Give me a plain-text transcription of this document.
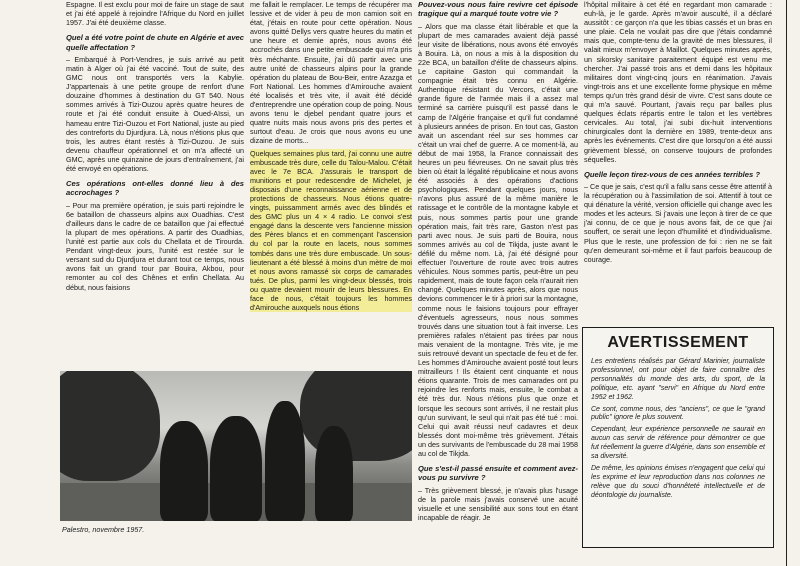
Espagne. Il est exclu pour moi de faire un stage de saut et j'ai été appelé à rejoindre l'Afrique du Nord en juillet 1957. J'ai été deuxième classe.

Quel a été votre point de chute en Algérie et avec quelle affectation ?

– Embarqué à Port-Vendres, je suis arrivé au petit matin à Alger où j'ai été vacciné. Tout de suite, des GMC nous ont transportés vers la Kabylie. J'appartenais à une petite groupe de renfort d'une douzaine d'hommes à destination du GT 540. Nous sommes arrivés à Tizi-Ouzou après quatre heures de route et j'ai été conduit ensuite à Oued-Aïssi, un hameau entre Tizi-Ouzou et Fort National, juste au pied des contreforts du Djurdjura. Là, nous n'étions plus que trois, les autres étant restés à Tizi-Ouzou. Je suis devenu chauffeur opérationnel et on m'a affecté un GMC, après une quinzaine de jours d'entraînement, j'ai été envoyé en opérations.

Ces opérations ont-elles donné lieu à des accrochages ?

– Pour ma première opération, je suis parti rejoindre le 6e bataillon de chasseurs alpins aux Ouadhias. C'est d'ailleurs dans le cadre de ce bataillon que j'ai effectué la plupart de mes opérations. A partir des Ouadhias, l'unité est partie aux cols du Chellata et de Tirourda. Pendant vingt-deux jours, l'unité est restée sur le versant sud du Djurdjura et durant tout ce temps, nous avons fait un grand tour par Bouira, Akbou, pour remonter au col des Chênes et enfin Chellata. Au début, nous faisions

me fallait le remplacer. Le temps de récupérer ma lessive et de vider à peu de mon camion soit en état, j'étais en route pour cette opération. Nous avons quitté Dellys vers quatre heures du matin et une heure et demie après, nous avons été accrochés dans une petite embuscade qui m'a pris très méchante. Ensuite, j'ai dû partir avec une autre unité de chasseurs alpins pour la grande opération du plateau de Bou-Beir, entre Azazga et Fort National. Les hommes d'Amirouche avaient été localisés et très vite, il avait été décidé d'entreprendre une opération coup de poing. Nous avons tenu le djebel pendant quatre jours et quatre nuits mais nous avons pris des pertes et surtout d'eau. Je crois que nous avons eu une dizaine de morts...

Quelques semaines plus tard, j'ai connu une autre embuscade très dure, celle du Talou-Malou. C'était avec le 7e BCA. J'assurais le transport de munitions et pour redescendre de Michelet, je disposais d'une reconnaissance aérienne et de protections de chasseurs. Nous étions quatre-vingts, puissamment armés avec des blindés et des GMC plus un 4 × 4 radio. Le convoi s'est engagé dans la descente vers l'ancienne mission des Pères blancs et en commençant l'ascension du col par la route en lacets, nous sommes tombés dans une très dure embuscade. Un sous-lieutenant a été blessé à moins d'un mètre de moi et nous avons ramassé six corps de camarades tués. De plus, parmi les vingt-deux blessés, trois ou quatre devaient mourir de leurs blessures. En face de nous, c'était toujours les hommes d'Amirouche auxquels nous étions

Palestro, novembre 1957.

Pouvez-vous nous faire revivre cet épisode tragique qui a marqué toute votre vie ?

– Alors que ma classe était libérable et que la plupart de mes camarades avaient déjà passé leur visite de libérations, nous avons été envoyés à Bouira. Là, on nous a mis à la disposition du 22e BCA, un bataillon d'élite de chasseurs alpins. Le capitaine Gaston qui commandait la compagnie était très connu en Algérie. Authentique résistant du Vercors, c'était une grande figure de l'armée mais il a assez mal terminé sa carrière puisqu'il est passé dans le camp de l'Algérie française et qu'il fut condamné à plusieurs années de prison. En tout cas, Gaston avait un ascendant réel sur ses hommes car c'était un vrai chef de guerre. A ce moment-là, au début de mai 1958, la France connaissait des heures un peu fiévreuses. On ne savait plus très bien où était la légalité républicaine et nous avons été associés à des opérations d'actions psychologiques. Pendant quelques jours, nous n'avons plus assuré de la même manière le ratissage et le contrôle de la montagne kabyle et puis, nous sommes partis pour une grande opération mais, fait très rare, Gaston n'est pas parti avec nous. Je suis parti de Bouira, nous sommes arrivés au col de Tikjda, juste avant le défilé du même nom. Là, j'ai été désigné pour effectuer l'ouverture de route avec trois autres véhicules. Nous sommes partis, peut-être un peu rapidement, mais de toute façon cela n'aurait rien changé. Quelques minutes après, alors que nous devions commencer le tir à priori sur la montagne, comme nous le faisions toujours pour effrayer d'éventuels agresseurs, nous nous sommes trouvés dans une situation tout à fait inverse. Les premières rafales n'étaient pas tirées par nous mais venaient de la montagne. Très vite, je me suis retrouvé devant un spectacle de feu et de fer. Les hommes d'Amirouche avaient posté tout leurs mitrailleurs ! Ils étaient cent cinquante et nous étions quarante. Trois de mes camarades ont pu rejoindre les renforts mais, ensuite, le combat a été très dur. Nous n'étions plus que onze et lorsque les secours sont arrivés, il ne restait plus qu'un survivant, le seul qui n'ait pas été tué : moi. Celui qui avait réussi neuf cadavres et deux blessés dont moi-même très grièvement. J'étais un des survivants de l'embuscade du 28 mai 1958 au col de Tikjda.

Que s'est-il passé ensuite et comment avez-vous pu survivre ?

– Très grièvement blessé, je n'avais plus l'usage de la parole mais j'avais conservé une acuité visuelle et une sensibilité aux sons tout en étant incapable de réagir. Je

l'hôpital militaire à cet été en regardant mon camarade : euh-là, je le garde. Après m'avoir ausculté, il a déclaré aussitôt : ce garçon n'a que les tibias cassés et un bras en une plaie. Cela ne voulait pas dire que j'étais condamné mais que, compte-tenu de la gravité de mes blessures, il valait mieux m'envoyer à Maillot. Quelques minutes après, un sikorsky sanitaire paraitement équipé est venu me chercher. J'ai passé trois ans et demi dans les hôpitaux militaires dont vingt-cinq jours en réanimation. J'avais vingt-trois ans et une excellente forme physique en même temps qu'un très grand désir de vivre. C'est sans doute ce qui m'a sauvé. Pourtant, j'avais reçu par balles plus quelques éclats répartis entre le talon et les vertèbres cervicales. Au total, j'ai subi dix-huit interventions chirurgicales dont la dernière en 1989, trente-deux ans après les événements. C'est dire que lorsqu'on a été aussi grièvement blessé, on conserve toujours de profondes séquelles.

Quelle leçon tirez-vous de ces années terribles ?

– Ce que je sais, c'est qu'il a fallu sans cesse être attentif à la récupération ou à l'assimilation de soi. Attentif à tout ce qui dénature la vérité, version officielle qui change avec les modes et les acteurs. Si j'avais une leçon à tirer de ce que j'ai connu, de ce que je nous avons fait, de ce que j'ai souffert, ce serait une leçon d'humilité et d'individualisme. Plus que le reste, une profession de foi : rien ne se fait qu'en demeurant soi-même et il faut parfois beaucoup de courage.

AVERTISSEMENT

Les entretiens réalisés par Gérard Marinier, journaliste professionnel, ont pour objet de faire connaître des personnalités du monde des arts, du sport, de la politique, etc. ayant "servi" en Afrique du Nord entre 1952 et 1962.

Ce sont, comme nous, des "anciens", ce que le "grand public" ignore le plus souvent.

Cependant, leur expérience personnelle ne saurait en aucun cas servir de référence pour démontrer ce que fut réellement la guerre d'Algérie, dans son ensemble et sa diversité.

De même, les opinions émises n'engagent que celui qui les exprime et leur reproduction dans nos colonnes ne relève que du souci d'honnêteté intellectuelle et de déontologie du journaliste.
